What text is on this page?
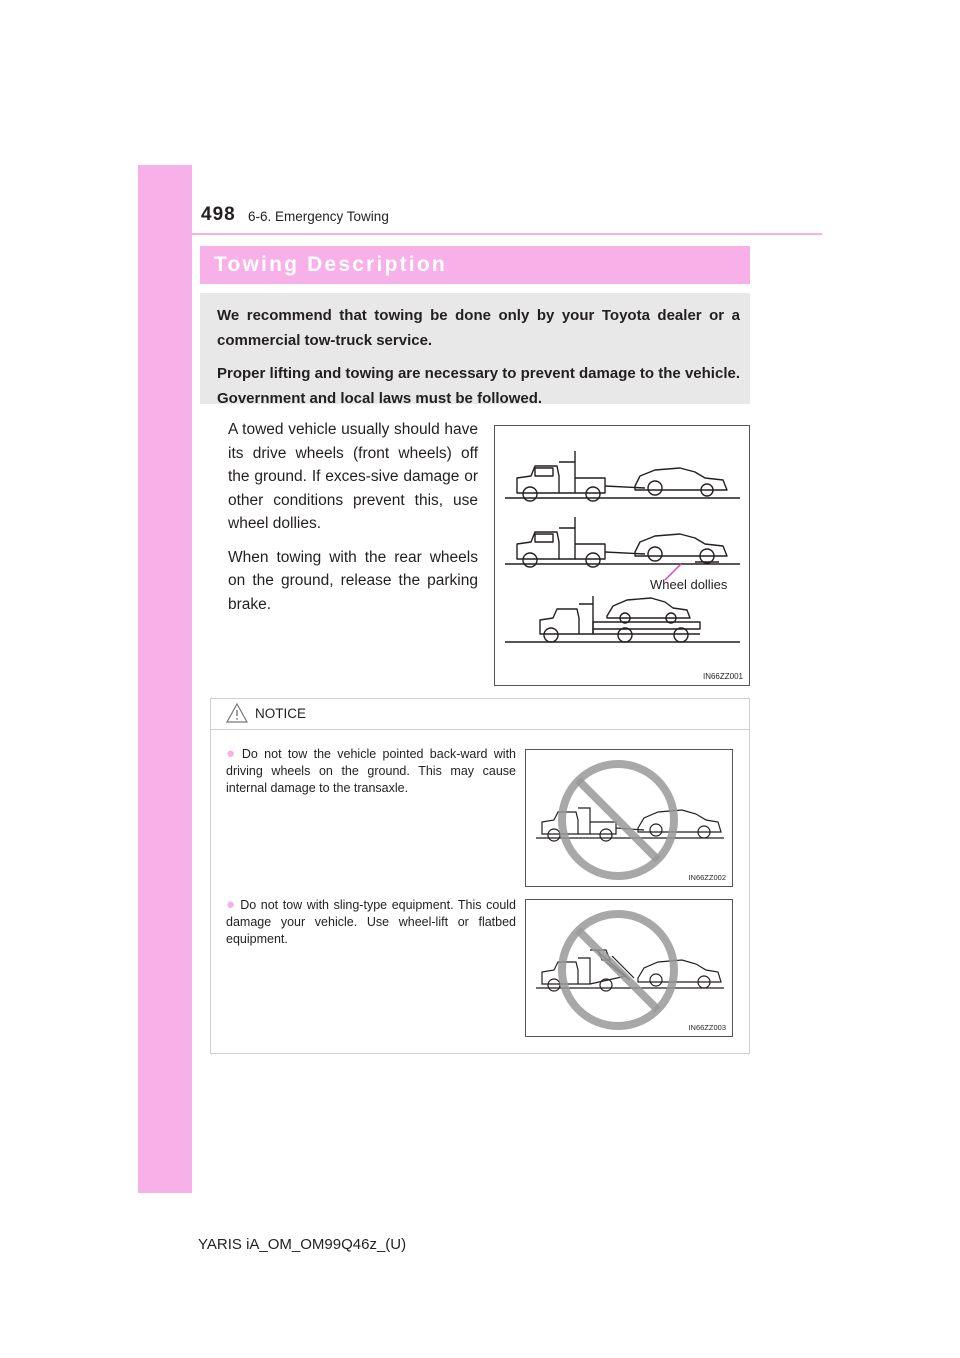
498 6-6. Emergency Towing
Towing Description

We recommend that towing be done only by your Toyota dealer or a commercial tow-truck service.

Proper lifting and towing are necessary to prevent damage to the vehicle. Government and local laws must be followed.

A towed vehicle usually should have its drive wheels (front wheels) off the ground. If exces-sive damage or other conditions prevent this, use wheel dollies.

When towing with the rear wheels on the ground, release the parking brake.

Wheel dollies
IN66ZZ001
NOTICE
● Do not tow the vehicle pointed back-ward with driving wheels on the ground. This may cause internal damage to the transaxle.
IN66ZZ002
● Do not tow with sling-type equipment. This could damage your vehicle. Use wheel-lift or flatbed equipment.
IN66ZZ003
YARIS iA_OM_OM99Q46z_(U)
